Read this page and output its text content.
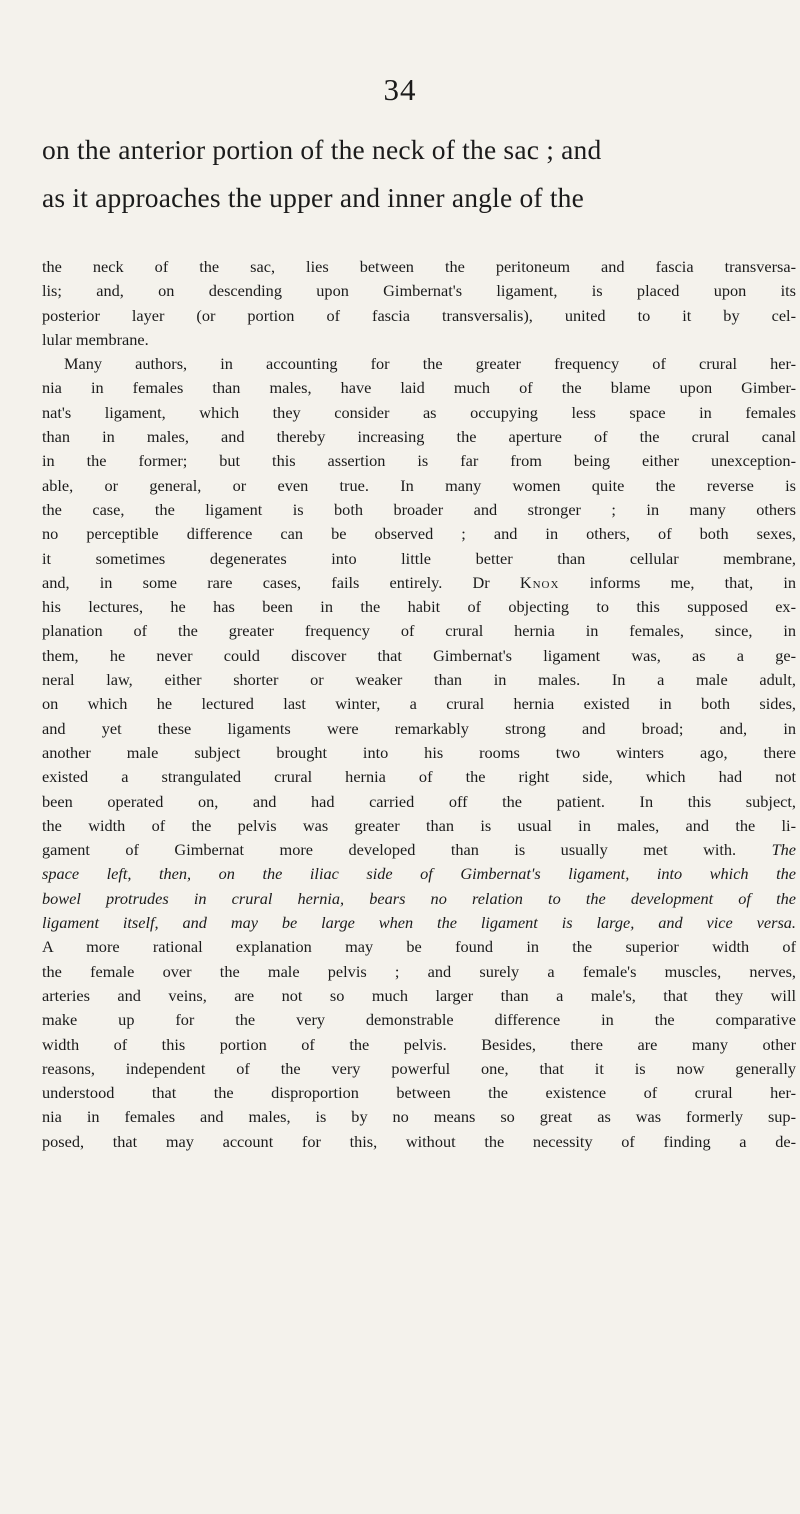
34
on the anterior portion of the neck of the sac ; and
as it approaches the upper and inner angle of the
the neck of the sac, lies between the peritoneum and fascia transversa-
lis; and, on descending upon Gimbernat's ligament, is placed upon its
posterior layer (or portion of fascia transversalis), united to it by cel-
lular membrane.
Many authors, in accounting for the greater frequency of crural her-
nia in females than males, have laid much of the blame upon Gimber-
nat's ligament, which they consider as occupying less space in females
than in males, and thereby increasing the aperture of the crural canal
in the former; but this assertion is far from being either unexception-
able, or general, or even true. In many women quite the reverse is
the case, the ligament is both broader and stronger ; in many others
no perceptible difference can be observed ; and in others, of both sexes,
it sometimes degenerates into little better than cellular membrane,
and, in some rare cases, fails entirely. Dr Knox informs me, that, in
his lectures, he has been in the habit of objecting to this supposed ex-
planation of the greater frequency of crural hernia in females, since, in
them, he never could discover that Gimbernat's ligament was, as a ge-
neral law, either shorter or weaker than in males. In a male adult,
on which he lectured last winter, a crural hernia existed in both sides,
and yet these ligaments were remarkably strong and broad; and, in
another male subject brought into his rooms two winters ago, there
existed a strangulated crural hernia of the right side, which had not
been operated on, and had carried off the patient. In this subject,
the width of the pelvis was greater than is usual in males, and the li-
gament of Gimbernat more developed than is usually met with. The
space left, then, on the iliac side of Gimbernat's ligament, into which the
bowel protrudes in crural hernia, bears no relation to the development of the
ligament itself, and may be large when the ligament is large, and vice versa.
A more rational explanation may be found in the superior width of
the female over the male pelvis ; and surely a female's muscles, nerves,
arteries and veins, are not so much larger than a male's, that they will
make up for the very demonstrable difference in the comparative
width of this portion of the pelvis. Besides, there are many other
reasons, independent of the very powerful one, that it is now generally
understood that the disproportion between the existence of crural her-
nia in females and males, is by no means so great as was formerly sup-
posed, that may account for this, without the necessity of finding a de-
